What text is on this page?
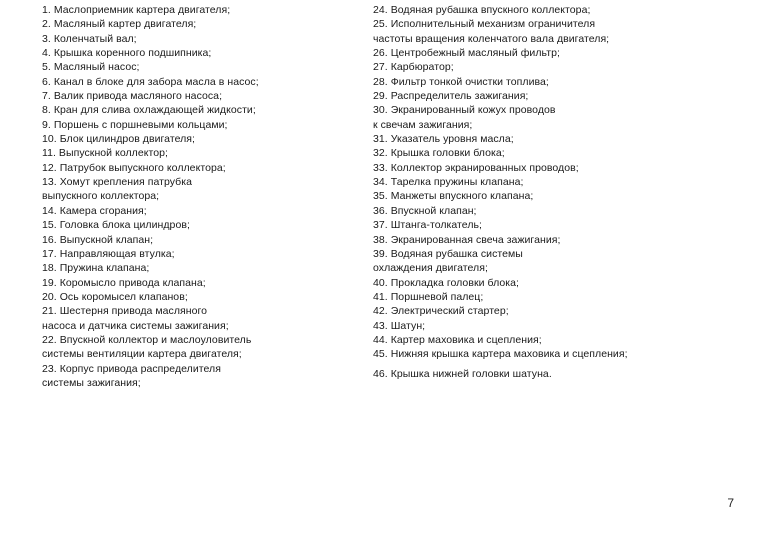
1. Маслоприемник картера двигателя;
2. Масляный картер двигателя;
3. Коленчатый вал;
4. Крышка коренного подшипника;
5. Масляный насос;
6. Канал в блоке для забора масла в насос;
7. Валик привода масляного насоса;
8. Кран для слива охлаждающей жидкости;
9. Поршень с поршневыми кольцами;
10. Блок цилиндров двигателя;
11. Выпускной коллектор;
12. Патрубок выпускного коллектора;
13. Хомут крепления патрубка
выпускного коллектора;
14. Камера сгорания;
15. Головка блока цилиндров;
16. Выпускной клапан;
17. Направляющая втулка;
18. Пружина клапана;
19. Коромысло привода клапана;
20. Ось коромысел клапанов;
21. Шестерня привода масляного
насоса и датчика системы зажигания;
22. Впускной коллектор и маслоуловитель
системы вентиляции картера двигателя;
23. Корпус привода распределителя
системы зажигания;
24. Водяная рубашка впускного коллектора;
25. Исполнительный механизм ограничителя
частоты вращения коленчатого вала двигателя;
26. Центробежный масляный фильтр;
27. Карбюратор;
28. Фильтр тонкой очистки топлива;
29. Распределитель зажигания;
30. Экранированный кожух проводов
к свечам зажигания;
31. Указатель уровня масла;
32. Крышка головки блока;
33. Коллектор экранированных проводов;
34. Тарелка пружины клапана;
35. Манжеты впускного клапана;
36. Впускной клапан;
37. Штанга-толкатель;
38. Экранированная свеча зажигания;
39. Водяная рубашка системы
охлаждения двигателя;
40. Прокладка головки блока;
41. Поршневой палец;
42. Электрический стартер;
43. Шатун;
44. Картер маховика и сцепления;
45. Нижняя крышка картера маховика и сцепления;
46. Крышка нижней головки шатуна.
7
